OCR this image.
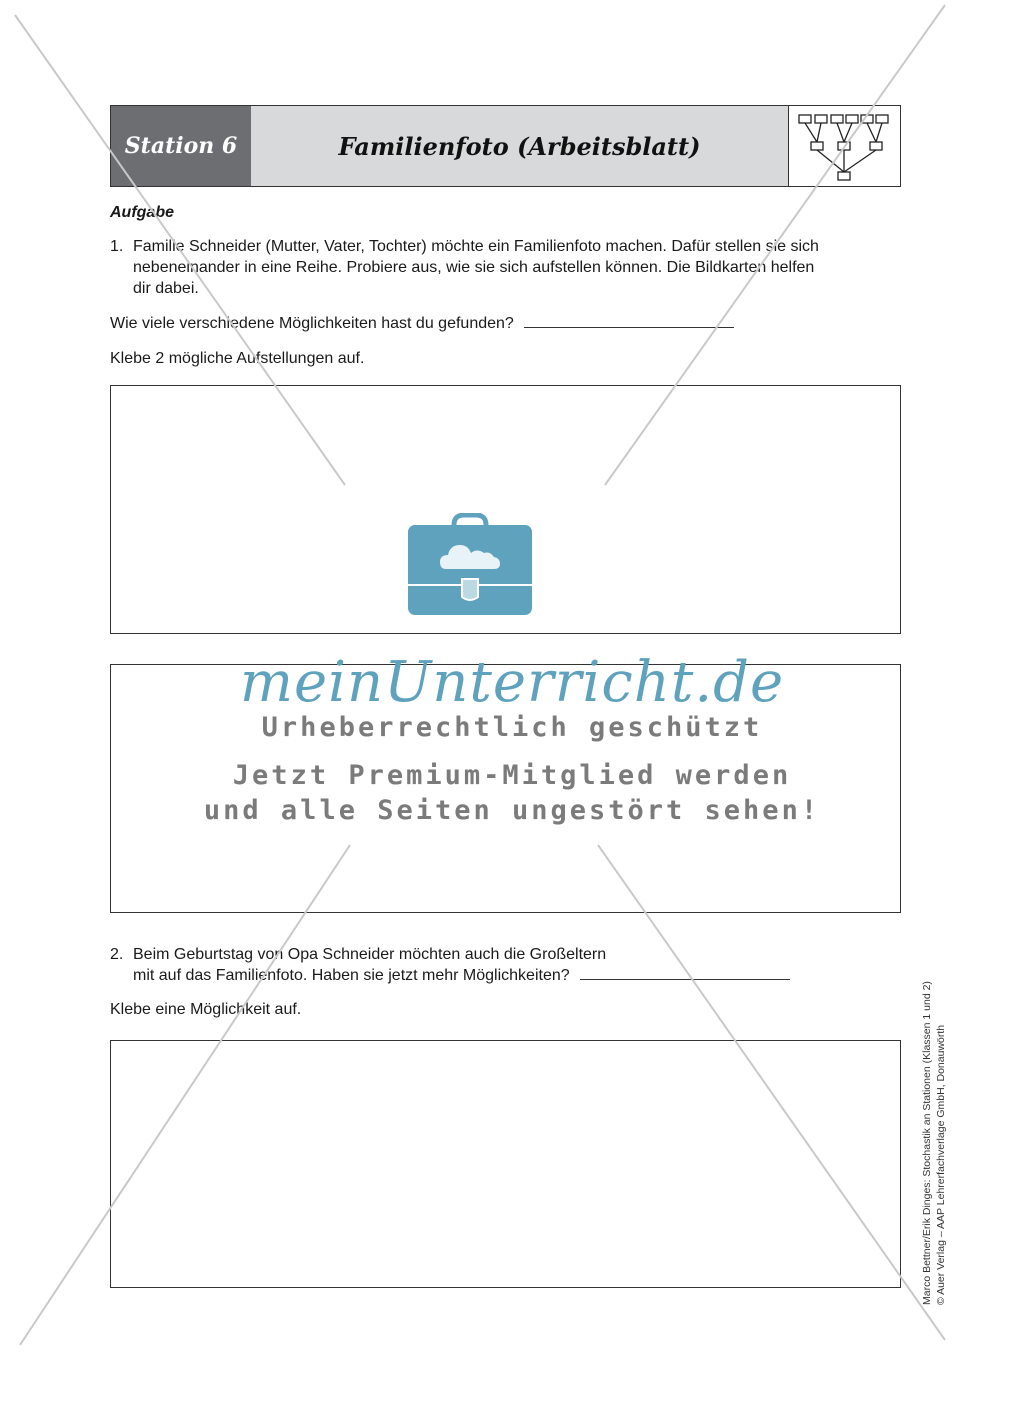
Station 6	Familienfoto (Arbeitsblatt)
Aufgabe
1. Familie Schneider (Mutter, Vater, Tochter) möchte ein Familienfoto machen. Dafür stellen sie sich
nebeneinander in eine Reihe. Probiere aus, wie sie sich aufstellen können. Die Bildkarten helfen
dir dabei.
Wie viele verschiedene Möglichkeiten hast du gefunden?
Klebe 2 mögliche Aufstellungen auf.
2. Beim Geburtstag von Opa Schneider möchten auch die Großeltern
mit auf das Familienfoto. Haben sie jetzt mehr Möglichkeiten?
Klebe eine Möglichkeit auf.	Marco Bettner/Erik Dinges: Stochastik an Stationen (Klassen 1 und 2) © Auer Verlag – AAP Lehrerfachverlage GmbH, Donauwörth
meinUnterricht.de
Urheberrechtlich geschützt
Jetzt Premium-Mitglied werden
und alle Seiten ungestört sehen!
